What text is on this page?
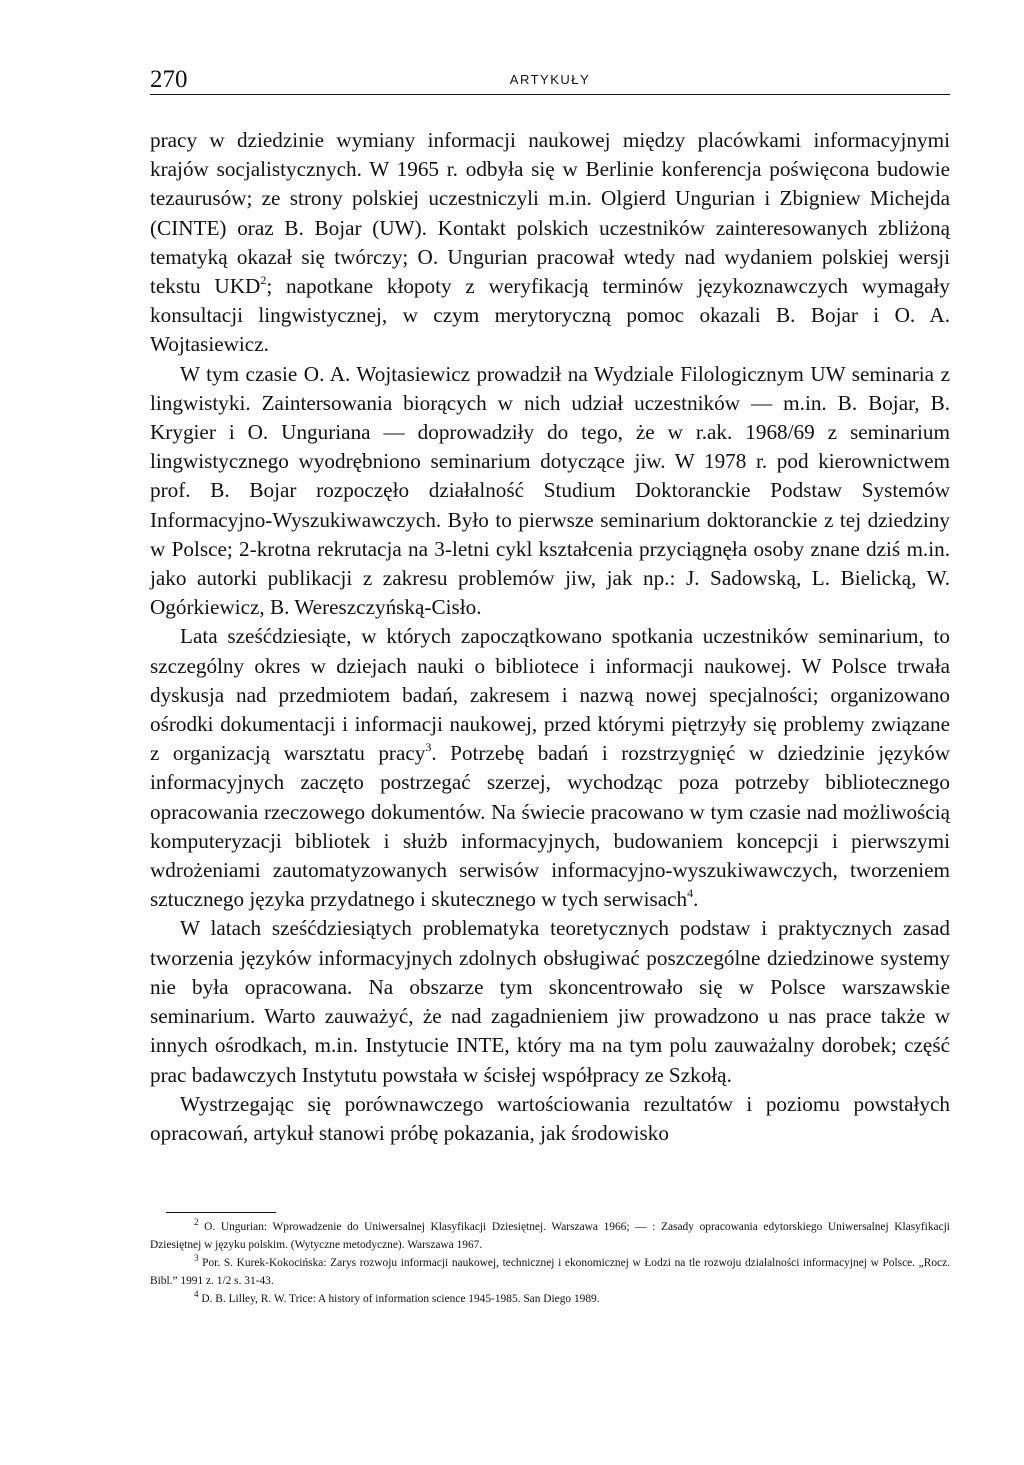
270	ARTYKUŁY

pracy w dziedzinie wymiany informacji naukowej między placówkami informacyjnymi krajów socjalistycznych. W 1965 r. odbyła się w Berlinie konferencja poświęcona budowie tezaurusów; ze strony polskiej uczestniczyli m.in. Olgierd Ungurian i Zbigniew Michejda (CINTE) oraz B. Bojar (UW). Kontakt polskich uczestników zainteresowanych zbliżoną tematyką okazał się twórczy; O. Ungurian pracował wtedy nad wydaniem polskiej wersji tekstu UKD$^2$; napotkane kłopoty z weryfikacją terminów językoznawczych wymagały konsultacji lingwistycznej, w czym merytoryczną pomoc okazali B. Bojar i O. A. Wojtasiewicz.

W tym czasie O. A. Wojtasiewicz prowadził na Wydziale Filologicznym UW seminaria z lingwistyki. Zaintersowania biorących w nich udział uczestników — m.in. B. Bojar, B. Krygier i O. Unguriana — doprowadziły do tego, że w r.ak. 1968/69 z seminarium lingwistycznego wyodrębniono seminarium dotyczące jiw. W 1978 r. pod kierownictwem prof. B. Bojar rozpoczęło działalność Studium Doktoranckie Podstaw Systemów Informacyjno-Wyszukiwawczych. Było to pierwsze seminarium doktoranckie z tej dziedziny w Polsce; 2-krotna rekrutacja na 3-letni cykl kształcenia przyciągnęła osoby znane dziś m.in. jako autorki publikacji z zakresu problemów jiw, jak np.: J. Sadowską, L. Bielicką, W. Ogórkiewicz, B. Wereszczyńską-Cisło.

Lata sześćdziesiąte, w których zapoczątkowano spotkania uczestników seminarium, to szczególny okres w dziejach nauki o bibliotece i informacji naukowej. W Polsce trwała dyskusja nad przedmiotem badań, zakresem i nazwą nowej specjalności; organizowano ośrodki dokumentacji i informacji naukowej, przed którymi piętrzyły się problemy związane z organizacją warsztatu pracy$^3$. Potrzebę badań i rozstrzygnięć w dziedzinie języków informacyjnych zaczęto postrzegać szerzej, wychodząc poza potrzeby bibliotecznego opracowania rzeczowego dokumentów. Na świecie pracowano w tym czasie nad możliwością komputeryzacji bibliotek i służb informacyjnych, budowaniem koncepcji i pierwszymi wdrożeniami zautomatyzowanych serwisów informacyjno-wyszukiwawczych, tworzeniem sztucznego języka przydatnego i skutecznego w tych serwisach$^4$.

W latach sześćdziesiątych problematyka teoretycznych podstaw i praktycznych zasad tworzenia języków informacyjnych zdolnych obsługiwać poszczególne dziedzinowe systemy nie była opracowana. Na obszarze tym skoncentrowało się w Polsce warszawskie seminarium. Warto zauważyć, że nad zagadnieniem jiw prowadzono u nas prace także w innych ośrodkach, m.in. Instytucie INTE, który ma na tym polu zauważalny dorobek; część prac badawczych Instytutu powstała w ścisłej współpracy ze Szkołą.

Wystrzegając się porównawczego wartościowania rezultatów i poziomu powstałych opracowań, artykuł stanowi próbę pokazania, jak środowisko

$^2$ O. Ungurian: Wprowadzenie do Uniwersalnej Klasyfikacji Dziesiętnej. Warszawa 1966; — : Zasady opracowania edytorskiego Uniwersalnej Klasyfikacji Dziesiętnej w języku polskim. (Wytyczne metodyczne). Warszawa 1967.

$^3$ Por. S. Kurek-Kokocińska: Zarys rozwoju informacji naukowej, technicznej i ekonomicznej w Łodzi na tle rozwoju działalności informacyjnej w Polsce. „Rocz. Bibl.” 1991 z. 1/2 s. 31-43.

$^4$ D. B. Lilley, R. W. Trice: A history of information science 1945-1985. San Diego 1989.
